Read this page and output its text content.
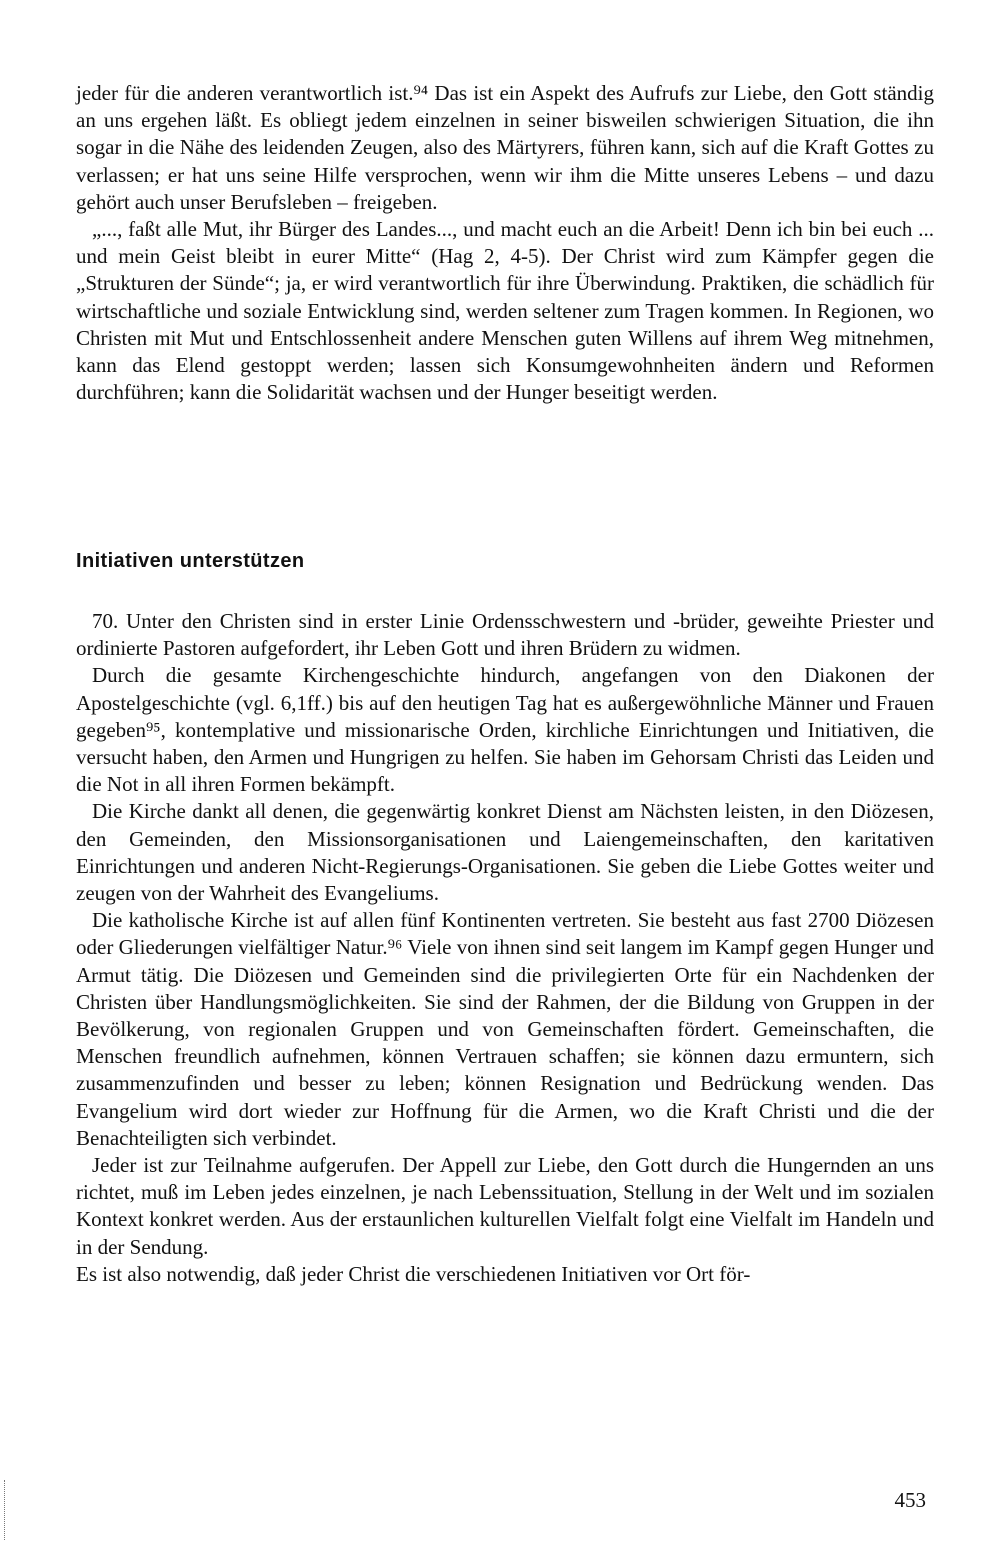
jeder für die anderen verantwortlich ist.⁹⁴ Das ist ein Aspekt des Aufrufs zur Liebe, den Gott ständig an uns ergehen läßt. Es obliegt jedem einzelnen in seiner bisweilen schwierigen Situation, die ihn sogar in die Nähe des leidenden Zeugen, also des Märtyrers, führen kann, sich auf die Kraft Gottes zu verlassen; er hat uns seine Hilfe versprochen, wenn wir ihm die Mitte unseres Lebens – und dazu gehört auch unser Berufsleben – freigeben.

„..., faßt alle Mut, ihr Bürger des Landes..., und macht euch an die Arbeit! Denn ich bin bei euch ... und mein Geist bleibt in eurer Mitte“ (Hag 2, 4-5). Der Christ wird zum Kämpfer gegen die „Strukturen der Sünde“; ja, er wird verantwortlich für ihre Überwindung. Praktiken, die schädlich für wirtschaftliche und soziale Entwicklung sind, werden seltener zum Tragen kommen. In Regionen, wo Christen mit Mut und Entschlossenheit andere Menschen guten Willens auf ihrem Weg mitnehmen, kann das Elend gestoppt werden; lassen sich Konsumgewohnheiten ändern und Reformen durchführen; kann die Solidarität wachsen und der Hunger beseitigt werden.

Initiativen unterstützen

70. Unter den Christen sind in erster Linie Ordensschwestern und -brüder, geweihte Priester und ordinierte Pastoren aufgefordert, ihr Leben Gott und ihren Brüdern zu widmen.

Durch die gesamte Kirchengeschichte hindurch, angefangen von den Diakonen der Apostelgeschichte (vgl. 6,1ff.) bis auf den heutigen Tag hat es außergewöhnliche Männer und Frauen gegeben⁹⁵, kontemplative und missionarische Orden, kirchliche Einrichtungen und Initiativen, die versucht haben, den Armen und Hungrigen zu helfen. Sie haben im Gehorsam Christi das Leiden und die Not in all ihren Formen bekämpft.

Die Kirche dankt all denen, die gegenwärtig konkret Dienst am Nächsten leisten, in den Diözesen, den Gemeinden, den Missionsorganisationen und Laiengemeinschaften, den karitativen Einrichtungen und anderen Nicht-Regierungs-Organisationen. Sie geben die Liebe Gottes weiter und zeugen von der Wahrheit des Evangeliums.

Die katholische Kirche ist auf allen fünf Kontinenten vertreten. Sie besteht aus fast 2700 Diözesen oder Gliederungen vielfältiger Natur.⁹⁶ Viele von ihnen sind seit langem im Kampf gegen Hunger und Armut tätig. Die Diözesen und Gemeinden sind die privilegierten Orte für ein Nachdenken der Christen über Handlungsmöglichkeiten. Sie sind der Rahmen, der die Bildung von Gruppen in der Bevölkerung, von regionalen Gruppen und von Gemeinschaften fördert. Gemeinschaften, die Menschen freundlich aufnehmen, können Vertrauen schaffen; sie können dazu ermuntern, sich zusammenzufinden und besser zu leben; können Resignation und Bedrückung wenden. Das Evangelium wird dort wieder zur Hoffnung für die Armen, wo die Kraft Christi und die der Benachteiligten sich verbindet.

Jeder ist zur Teilnahme aufgerufen. Der Appell zur Liebe, den Gott durch die Hungernden an uns richtet, muß im Leben jedes einzelnen, je nach Lebenssituation, Stellung in der Welt und im sozialen Kontext konkret werden. Aus der erstaunlichen kulturellen Vielfalt folgt eine Vielfalt im Handeln und in der Sendung.

Es ist also notwendig, daß jeder Christ die verschiedenen Initiativen vor Ort för-

453
